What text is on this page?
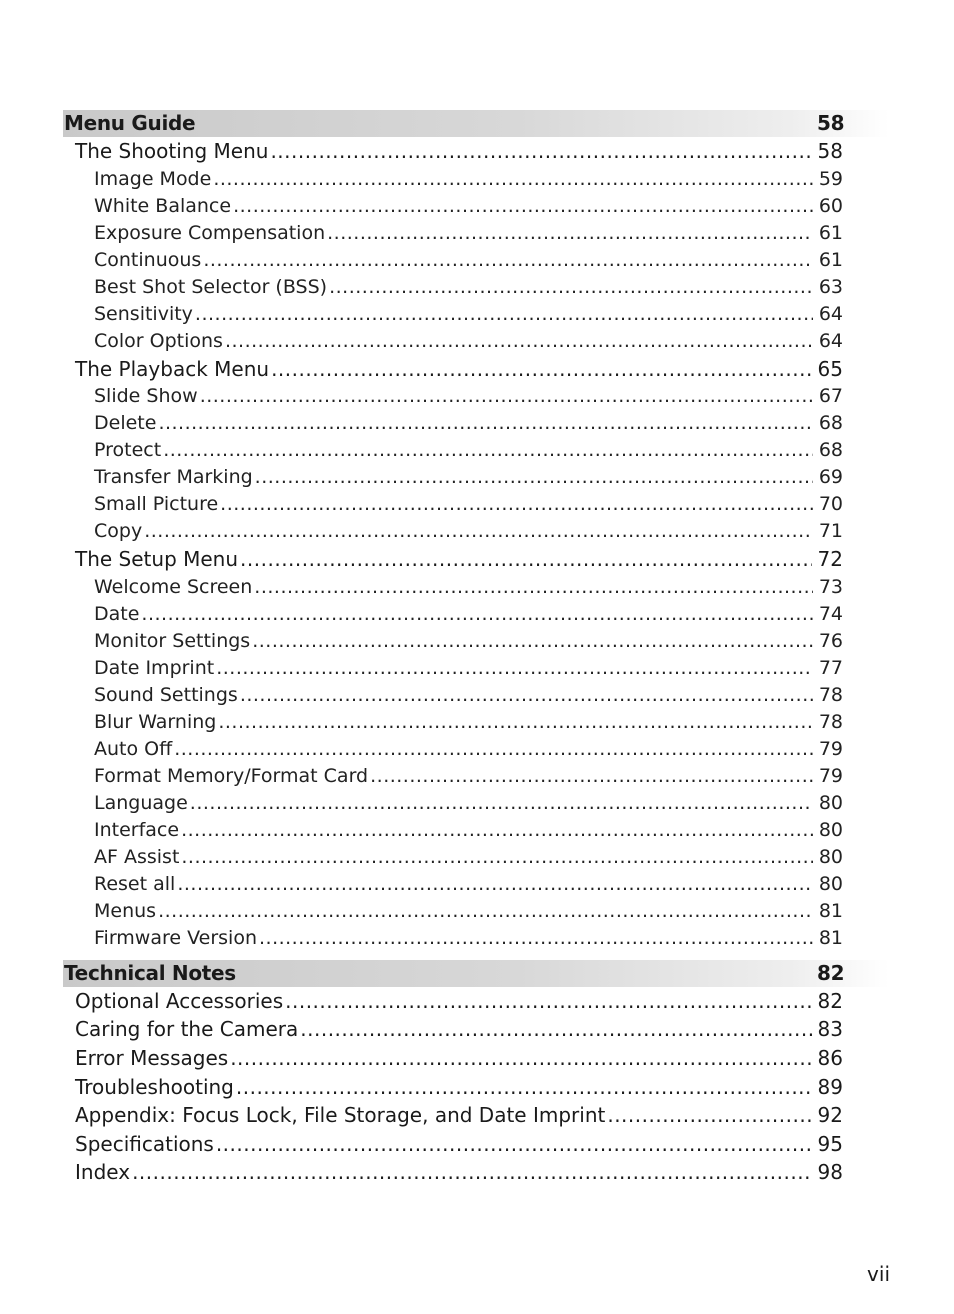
Menu Guide	58
The Shooting Menu .....	58
Image Mode .....	59
White Balance .....	60
Exposure Compensation .....	61
Continuous .....	61
Best Shot Selector (BSS) .....	63
Sensitivity .....	64
Color Options .....	64
The Playback Menu .....	65
Slide Show .....	67
Delete .....	68
Protect .....	68
Transfer Marking .....	69
Small Picture .....	70
Copy .....	71
The Setup Menu .....	72
Welcome Screen .....	73
Date .....	74
Monitor Settings .....	76
Date Imprint .....	77
Sound Settings .....	78
Blur Warning .....	78
Auto Off .....	79
Format Memory/Format Card .....	79
Language .....	80
Interface .....	80
AF Assist .....	80
Reset all .....	80
Menus .....	81
Firmware Version .....	81
Technical Notes	82
Optional Accessories .....	82
Caring for the Camera .....	83
Error Messages .....	86
Troubleshooting .....	89
Appendix: Focus Lock, File Storage, and Date Imprint .....	92
Specifications .....	95
Index .....	98
vii
